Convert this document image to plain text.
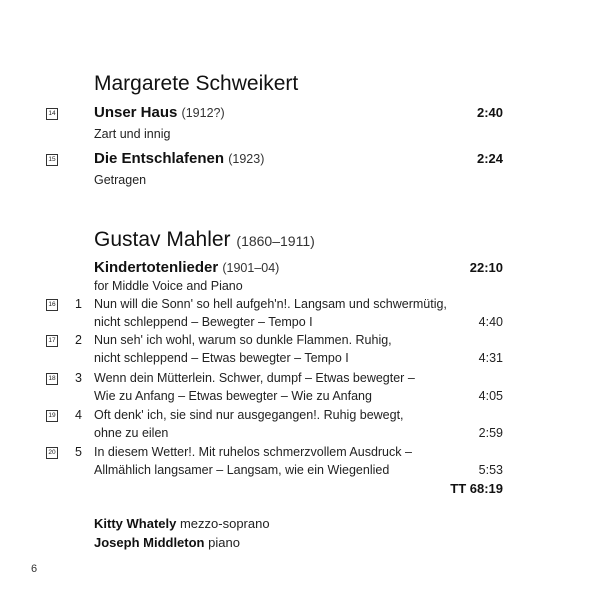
Margarete Schweikert
14	Unser Haus (1912?)	2:40
Zart und innig
15	Die Entschlafenen (1923)	2:24
Getragen
Gustav Mahler (1860–1911)
Kindertotenlieder (1901–04)	22:10
for Middle Voice and Piano
16 1 Nun will die Sonn' so hell aufgeh'n!. Langsam und schwermütig,
nicht schleppend – Bewegter – Tempo I	4:40
17 2 Nun seh' ich wohl, warum so dunkle Flammen. Ruhig,
nicht schleppend – Etwas bewegter – Tempo I	4:31
18 3 Wenn dein Mütterlein. Schwer, dumpf – Etwas bewegter –
Wie zu Anfang – Etwas bewegter – Wie zu Anfang	4:05
19 4 Oft denk' ich, sie sind nur ausgegangen!. Ruhig bewegt,
ohne zu eilen	2:59
20 5 In diesem Wetter!. Mit ruhelos schmerzvollem Ausdruck –
Allmählich langsamer – Langsam, wie ein Wiegenlied	5:53
TT 68:19
Kitty Whately mezzo-soprano
Joseph Middleton piano
6
